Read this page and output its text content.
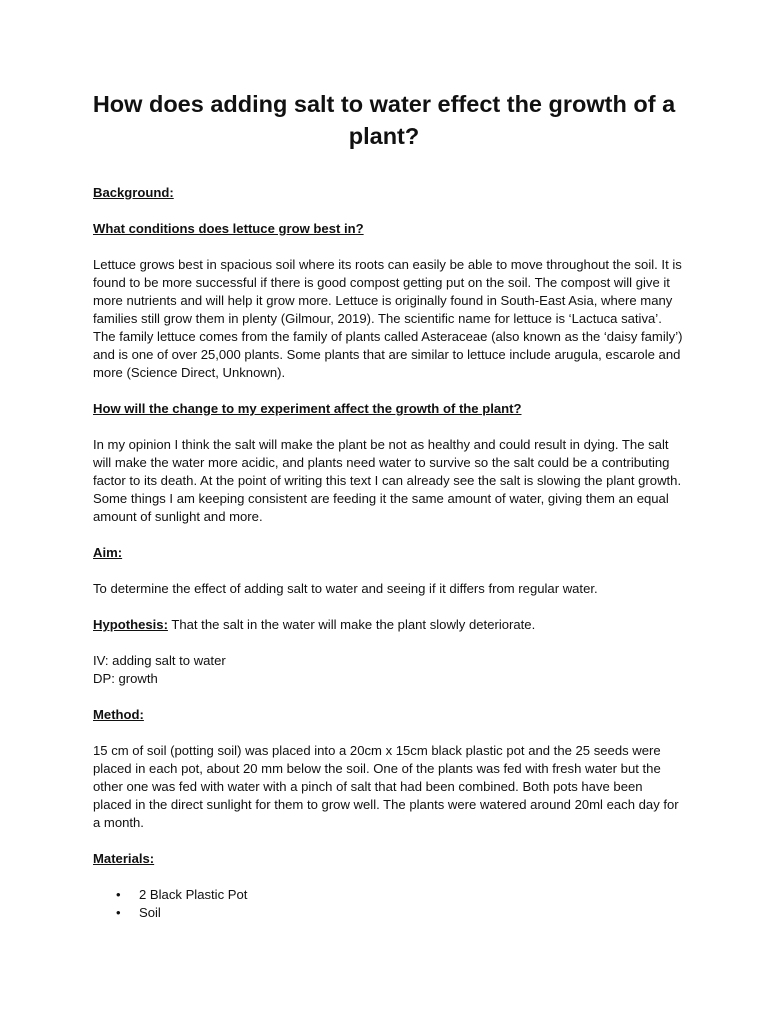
How does adding salt to water effect the growth of a plant?

Background:

What conditions does lettuce grow best in?

Lettuce grows best in spacious soil where its roots can easily be able to move throughout the soil. It is found to be more successful if there is good compost getting put on the soil. The compost will give it more nutrients and will help it grow more. Lettuce is originally found in South-East Asia, where many families still grow them in plenty (Gilmour, 2019). The scientific name for lettuce is ‘Lactuca sativa’. The family lettuce comes from the family of plants called Asteraceae (also known as the ‘daisy family’) and is one of over 25,000 plants. Some plants that are similar to lettuce include arugula, escarole and more (Science Direct, Unknown).

How will the change to my experiment affect the growth of the plant?

In my opinion I think the salt will make the plant be not as healthy and could result in dying. The salt will make the water more acidic, and plants need water to survive so the salt could be a contributing factor to its death. At the point of writing this text I can already see the salt is slowing the plant growth. Some things I am keeping consistent are feeding it the same amount of water, giving them an equal amount of sunlight and more.

Aim:

To determine the effect of adding salt to water and seeing if it differs from regular water.

Hypothesis: That the salt in the water will make the plant slowly deteriorate.

IV: adding salt to water

DP: growth

Method:

15 cm of soil (potting soil) was placed into a 20cm x 15cm black plastic pot and the 25 seeds were placed in each pot, about 20 mm below the soil. One of the plants was fed with fresh water but the other one was fed with water with a pinch of salt that had been combined. Both pots have been placed in the direct sunlight for them to grow well. The plants were watered around 20ml each day for a month.

Materials:

• 2 Black Plastic Pot
• Soil
